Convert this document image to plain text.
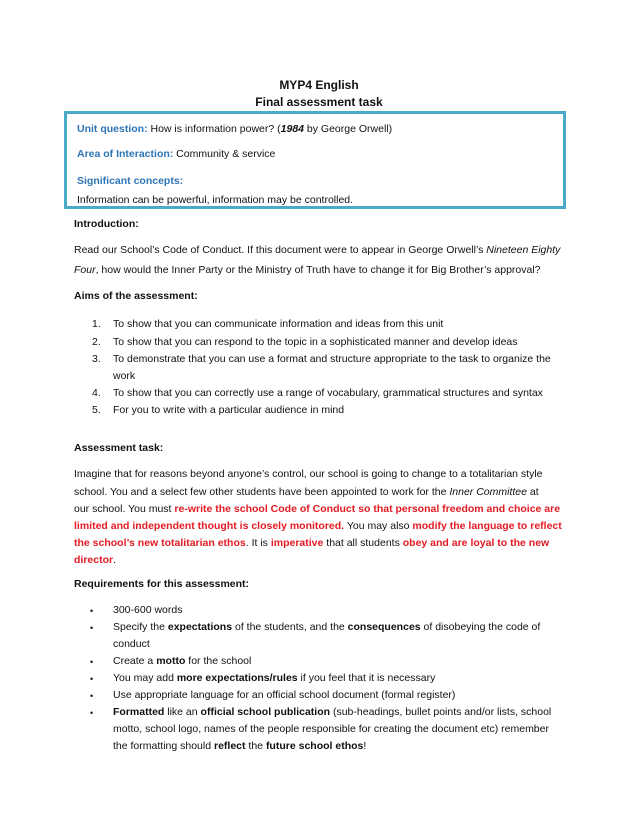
MYP4 English
Final assessment task
Unit question: How is information power? (1984 by George Orwell)
Area of Interaction: Community & service
Significant concepts:
Information can be powerful, information may be controlled.
Introduction:
Read our School’s Code of Conduct. If this document were to appear in George Orwell’s Nineteen Eighty
Four, how would the Inner Party or the Ministry of Truth have to change it for Big Brother’s approval?
Aims of the assessment:
1. To show that you can communicate information and ideas from this unit
2. To show that you can respond to the topic in a sophisticated manner and develop ideas
3. To demonstrate that you can use a format and structure appropriate to the task to organize the
work
4. To show that you can correctly use a range of vocabulary, grammatical structures and syntax
5. For you to write with a particular audience in mind
Assessment task:
Imagine that for reasons beyond anyone’s control, our school is going to change to a totalitarian style
school. You and a select few other students have been appointed to work for the Inner Committee at
our school. You must re-write the school Code of Conduct so that personal freedom and choice are
limited and independent thought is closely monitored. You may also modify the language to reflect
the school’s new totalitarian ethos. It is imperative that all students obey and are loyal to the new
director.
Requirements for this assessment:
• 300-600 words
• Specify the expectations of the students, and the consequences of disobeying the code of
conduct
• Create a motto for the school
• You may add more expectations/rules if you feel that it is necessary
• Use appropriate language for an official school document (formal register)
• Formatted like an official school publication (sub-headings, bullet points and/or lists, school
motto, school logo, names of the people responsible for creating the document etc) remember
the formatting should reflect the future school ethos!
